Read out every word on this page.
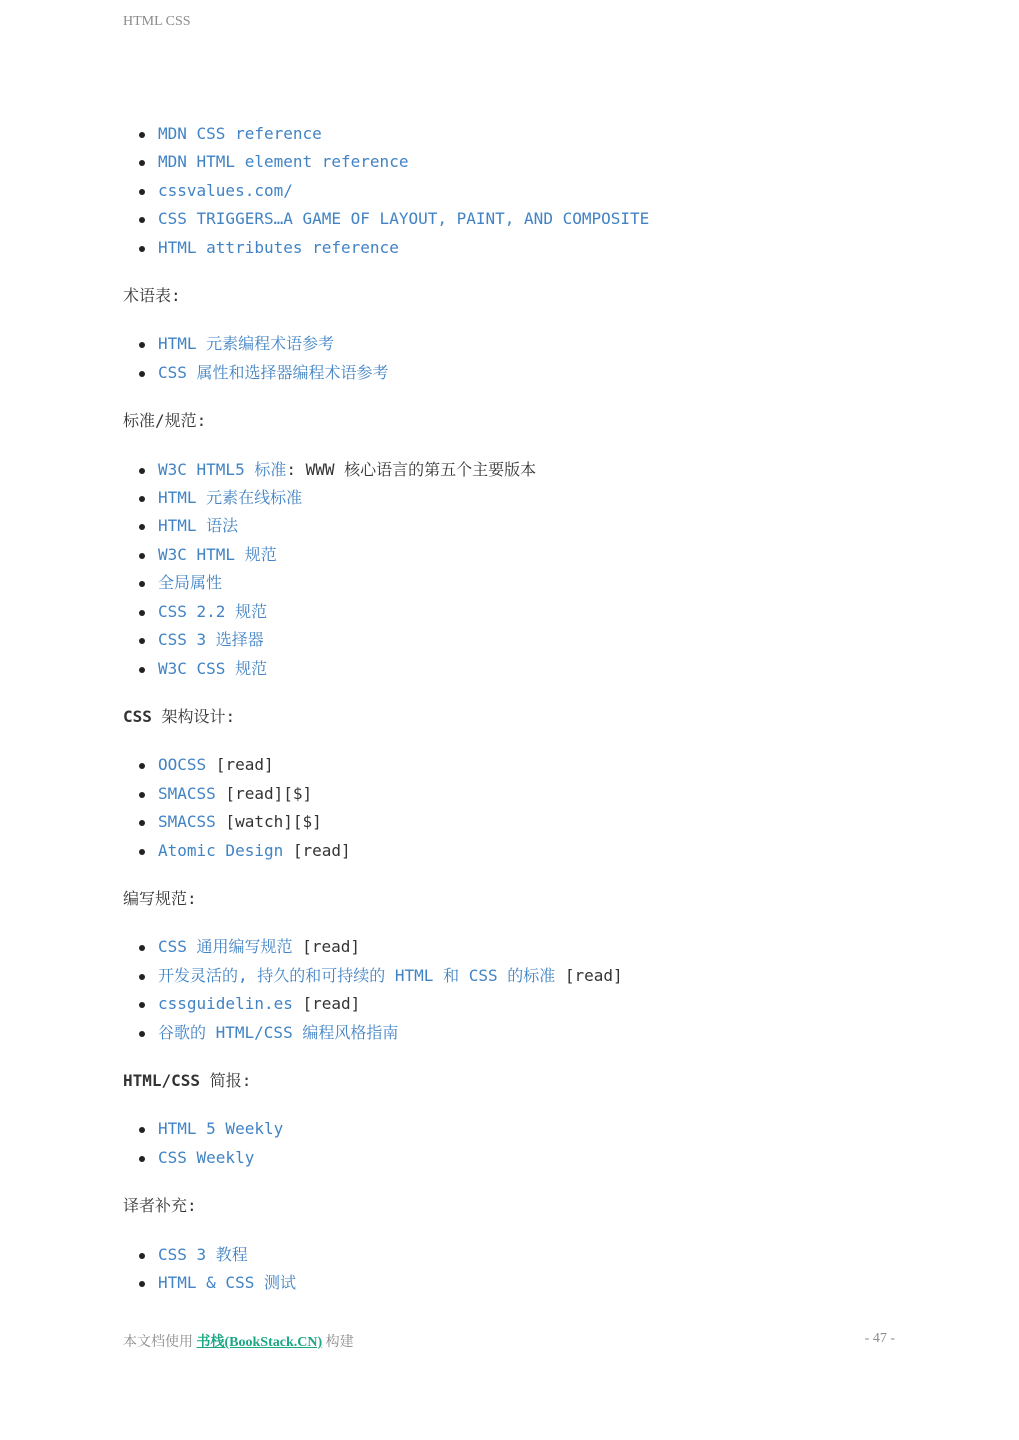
HTML CSS
MDN CSS reference
MDN HTML element reference
cssvalues.com/
CSS TRIGGERS…A GAME OF LAYOUT, PAINT, AND COMPOSITE
HTML attributes reference

术语表:

HTML 元素编程术语参考
CSS 属性和选择器编程术语参考

标准/规范:

W3C HTML5 标准: WWW 核心语言的第五个主要版本
HTML 元素在线标准
HTML 语法
W3C HTML 规范
全局属性
CSS 2.2 规范
CSS 3 选择器
W3C CSS 规范

CSS 架构设计:

OOCSS [read]
SMACSS [read][$]
SMACSS [watch][$]
Atomic Design [read]

编写规范:

CSS 通用编写规范 [read]
开发灵活的, 持久的和可持续的 HTML 和 CSS 的标准 [read]
cssguidelin.es [read]
谷歌的 HTML/CSS 编程风格指南

HTML/CSS 简报:

HTML 5 Weekly
CSS Weekly

译者补充:

CSS 3 教程
HTML & CSS 测试
本文档使用 书栈(BookStack.CN) 构建	- 47 -
